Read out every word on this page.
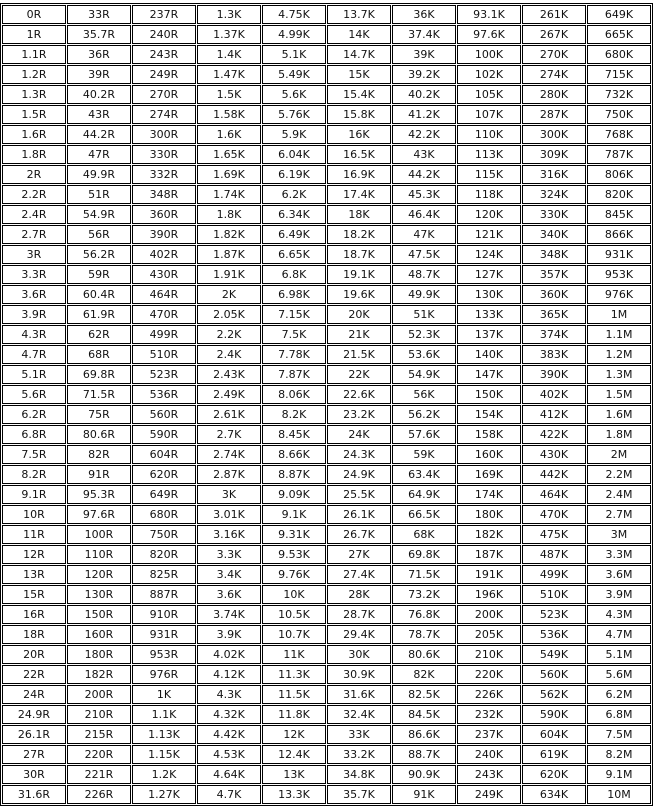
0R	33R	237R	1.3K	4.75K	13.7K	36K	93.1K	261K	649K
1R	35.7R	240R	1.37K	4.99K	14K	37.4K	97.6K	267K	665K
1.1R	36R	243R	1.4K	5.1K	14.7K	39K	100K	270K	680K
1.2R	39R	249R	1.47K	5.49K	15K	39.2K	102K	274K	715K
1.3R	40.2R	270R	1.5K	5.6K	15.4K	40.2K	105K	280K	732K
1.5R	43R	274R	1.58K	5.76K	15.8K	41.2K	107K	287K	750K
1.6R	44.2R	300R	1.6K	5.9K	16K	42.2K	110K	300K	768K
1.8R	47R	330R	1.65K	6.04K	16.5K	43K	113K	309K	787K
2R	49.9R	332R	1.69K	6.19K	16.9K	44.2K	115K	316K	806K
2.2R	51R	348R	1.74K	6.2K	17.4K	45.3K	118K	324K	820K
2.4R	54.9R	360R	1.8K	6.34K	18K	46.4K	120K	330K	845K
2.7R	56R	390R	1.82K	6.49K	18.2K	47K	121K	340K	866K
3R	56.2R	402R	1.87K	6.65K	18.7K	47.5K	124K	348K	931K
3.3R	59R	430R	1.91K	6.8K	19.1K	48.7K	127K	357K	953K
3.6R	60.4R	464R	2K	6.98K	19.6K	49.9K	130K	360K	976K
3.9R	61.9R	470R	2.05K	7.15K	20K	51K	133K	365K	1M
4.3R	62R	499R	2.2K	7.5K	21K	52.3K	137K	374K	1.1M
4.7R	68R	510R	2.4K	7.78K	21.5K	53.6K	140K	383K	1.2M
5.1R	69.8R	523R	2.43K	7.87K	22K	54.9K	147K	390K	1.3M
5.6R	71.5R	536R	2.49K	8.06K	22.6K	56K	150K	402K	1.5M
6.2R	75R	560R	2.61K	8.2K	23.2K	56.2K	154K	412K	1.6M
6.8R	80.6R	590R	2.7K	8.45K	24K	57.6K	158K	422K	1.8M
7.5R	82R	604R	2.74K	8.66K	24.3K	59K	160K	430K	2M
8.2R	91R	620R	2.87K	8.87K	24.9K	63.4K	169K	442K	2.2M
9.1R	95.3R	649R	3K	9.09K	25.5K	64.9K	174K	464K	2.4M
10R	97.6R	680R	3.01K	9.1K	26.1K	66.5K	180K	470K	2.7M
11R	100R	750R	3.16K	9.31K	26.7K	68K	182K	475K	3M
12R	110R	820R	3.3K	9.53K	27K	69.8K	187K	487K	3.3M
13R	120R	825R	3.4K	9.76K	27.4K	71.5K	191K	499K	3.6M
15R	130R	887R	3.6K	10K	28K	73.2K	196K	510K	3.9M
16R	150R	910R	3.74K	10.5K	28.7K	76.8K	200K	523K	4.3M
18R	160R	931R	3.9K	10.7K	29.4K	78.7K	205K	536K	4.7M
20R	180R	953R	4.02K	11K	30K	80.6K	210K	549K	5.1M
22R	182R	976R	4.12K	11.3K	30.9K	82K	220K	560K	5.6M
24R	200R	1K	4.3K	11.5K	31.6K	82.5K	226K	562K	6.2M
24.9R	210R	1.1K	4.32K	11.8K	32.4K	84.5K	232K	590K	6.8M
26.1R	215R	1.13K	4.42K	12K	33K	86.6K	237K	604K	7.5M
27R	220R	1.15K	4.53K	12.4K	33.2K	88.7K	240K	619K	8.2M
30R	221R	1.2K	4.64K	13K	34.8K	90.9K	243K	620K	9.1M
31.6R	226R	1.27K	4.7K	13.3K	35.7K	91K	249K	634K	10M
